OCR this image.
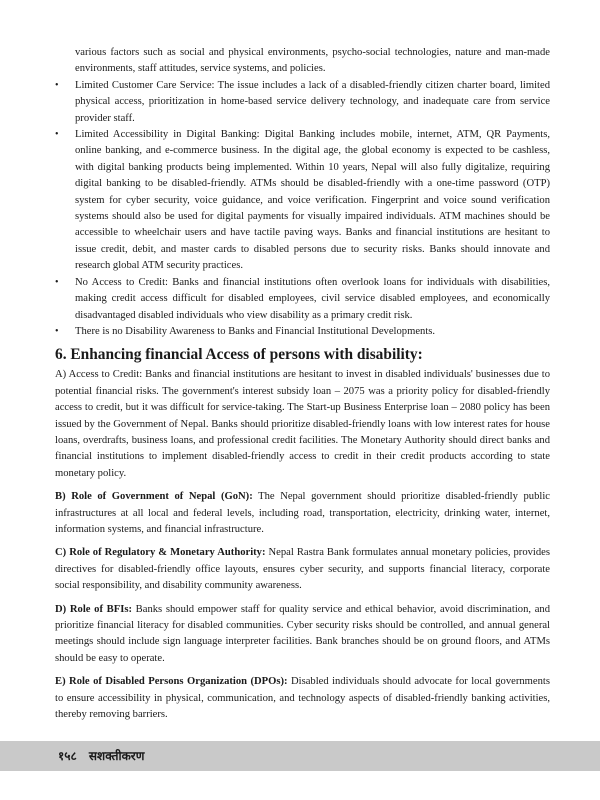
various factors such as social and physical environments, psycho-social technologies, nature and man-made environments, staff attitudes, service systems, and policies.

• Limited Customer Care Service: The issue includes a lack of a disabled-friendly citizen charter board, limited physical access, prioritization in home-based service delivery technology, and inadequate care from service provider staff.
• Limited Accessibility in Digital Banking: Digital Banking includes mobile, internet, ATM, QR Payments, online banking, and e-commerce business. In the digital age, the global economy is expected to be cashless, with digital banking products being implemented. Within 10 years, Nepal will also fully digitalize, requiring digital banking to be disabled-friendly. ATMs should be disabled-friendly with a one-time password (OTP) system for cyber security, voice guidance, and voice verification. Fingerprint and voice sound verification systems should also be used for digital payments for visually impaired individuals. ATM machines should be accessible to wheelchair users and have tactile paving ways. Banks and financial institutions are hesitant to issue credit, debit, and master cards to disabled persons due to security risks. Banks should innovate and research global ATM security practices.
• No Access to Credit: Banks and financial institutions often overlook loans for individuals with disabilities, making credit access difficult for disabled employees, civil service disabled employees, and economically disadvantaged disabled individuals who view disability as a primary credit risk.
• There is no Disability Awareness to Banks and Financial Institutional Developments.
6. Enhancing financial Access of persons with disability:

A) Access to Credit: Banks and financial institutions are hesitant to invest in disabled individuals' businesses due to potential financial risks. The government's interest subsidy loan – 2075 was a priority policy for disabled-friendly access to credit, but it was difficult for service-taking. The Start-up Business Enterprise loan – 2080 policy has been issued by the Government of Nepal. Banks should prioritize disabled-friendly loans with low interest rates for house loans, overdrafts, business loans, and professional credit facilities. The Monetary Authority should direct banks and financial institutions to implement disabled-friendly access to credit in their credit products according to state monetary policy.

B) Role of Government of Nepal (GoN): The Nepal government should prioritize disabled-friendly public infrastructures at all local and federal levels, including road, transportation, electricity, drinking water, internet, information systems, and financial infrastructure.

C) Role of Regulatory & Monetary Authority: Nepal Rastra Bank formulates annual monetary policies, provides directives for disabled-friendly office layouts, ensures cyber security, and supports financial literacy, corporate social responsibility, and disability community awareness.

D) Role of BFIs: Banks should empower staff for quality service and ethical behavior, avoid discrimination, and prioritize financial literacy for disabled communities. Cyber security risks should be controlled, and annual general meetings should include sign language interpreter facilities. Bank branches should be on ground floors, and ATMs should be easy to operate.

E) Role of Disabled Persons Organization (DPOs): Disabled individuals should advocate for local governments to ensure accessibility in physical, communication, and technology aspects of disabled-friendly banking activities, thereby removing barriers.

१५८ सशक्तीकरण
